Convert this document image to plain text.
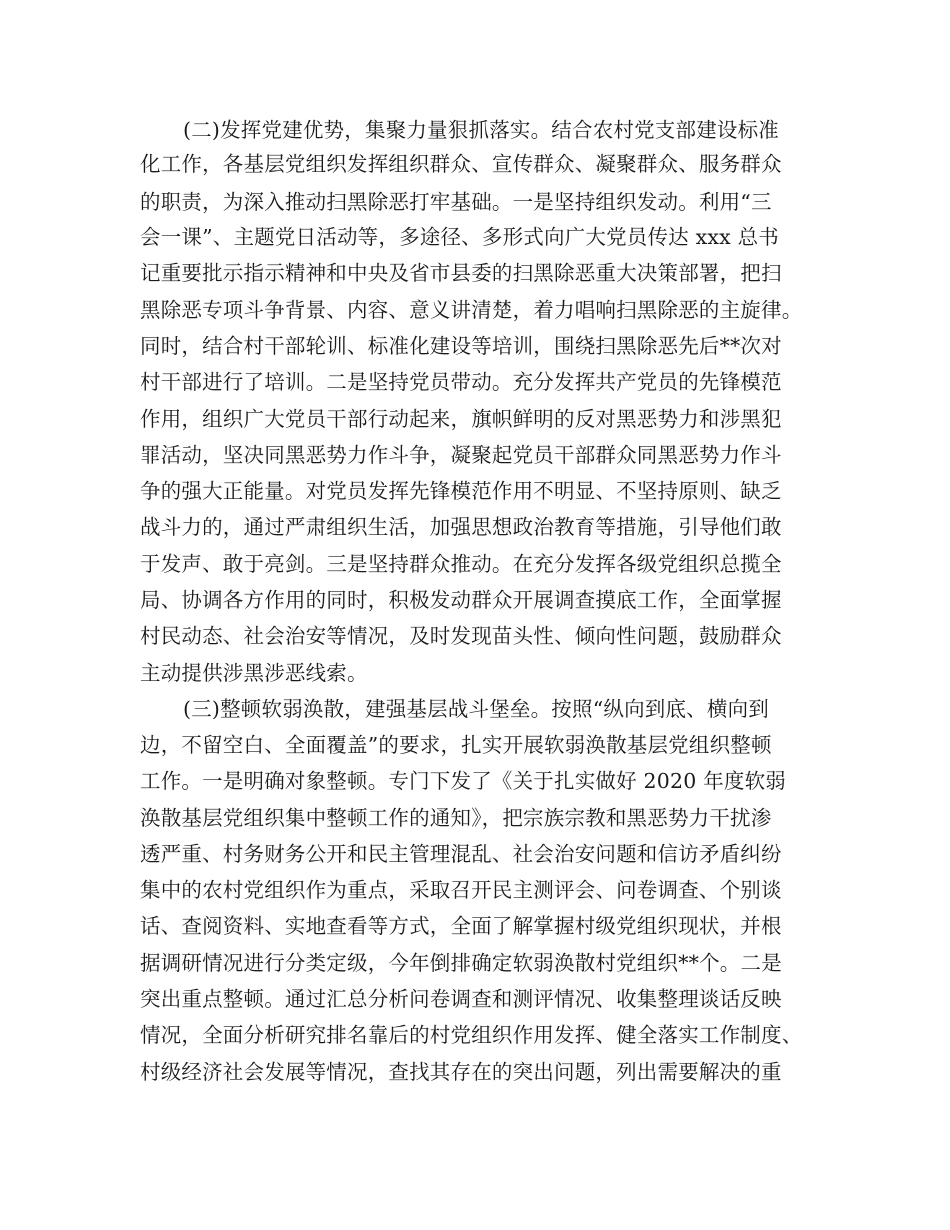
(二)发挥党建优势，集聚力量狠抓落实。结合农村党支部建设标准
化工作，各基层党组织发挥组织群众、宣传群众、凝聚群众、服务群众
的职责，为深入推动扫黑除恶打牢基础。一是坚持组织发动。利用“三
会一课”、主题党日活动等，多途径、多形式向广大党员传达 xxx 总书
记重要批示指示精神和中央及省市县委的扫黑除恶重大决策部署，把扫
黑除恶专项斗争背景、内容、意义讲清楚，着力唱响扫黑除恶的主旋律。
同时，结合村干部轮训、标准化建设等培训，围绕扫黑除恶先后**次对
村干部进行了培训。二是坚持党员带动。充分发挥共产党员的先锋模范
作用，组织广大党员干部行动起来，旗帜鲜明的反对黑恶势力和涉黑犯
罪活动，坚决同黑恶势力作斗争，凝聚起党员干部群众同黑恶势力作斗
争的强大正能量。对党员发挥先锋模范作用不明显、不坚持原则、缺乏
战斗力的，通过严肃组织生活，加强思想政治教育等措施，引导他们敢
于发声、敢于亮剑。三是坚持群众推动。在充分发挥各级党组织总揽全
局、协调各方作用的同时，积极发动群众开展调查摸底工作，全面掌握
村民动态、社会治安等情况，及时发现苗头性、倾向性问题，鼓励群众
主动提供涉黑涉恶线索。
(三)整顿软弱涣散，建强基层战斗堡垒。按照“纵向到底、横向到
边，不留空白、全面覆盖”的要求，扎实开展软弱涣散基层党组织整顿
工作。一是明确对象整顿。专门下发了《关于扎实做好 2020 年度软弱
涣散基层党组织集中整顿工作的通知》，把宗族宗教和黑恶势力干扰渗
透严重、村务财务公开和民主管理混乱、社会治安问题和信访矛盾纠纷
集中的农村党组织作为重点，采取召开民主测评会、问卷调查、个别谈
话、查阅资料、实地查看等方式，全面了解掌握村级党组织现状，并根
据调研情况进行分类定级，今年倒排确定软弱涣散村党组织**个。二是
突出重点整顿。通过汇总分析问卷调查和测评情况、收集整理谈话反映
情况，全面分析研究排名靠后的村党组织作用发挥、健全落实工作制度、
村级经济社会发展等情况，查找其存在的突出问题，列出需要解决的重
